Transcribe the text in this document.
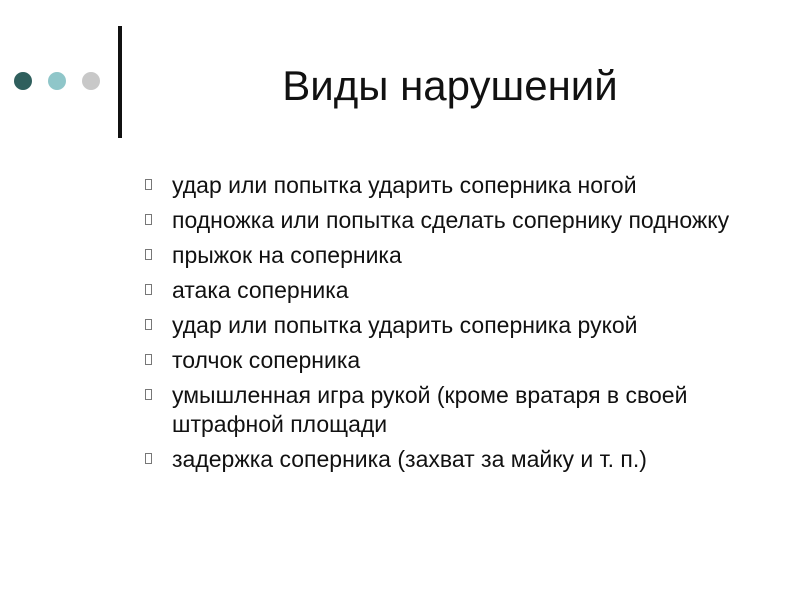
Виды нарушений
удар или попытка ударить соперника ногой
подножка или попытка сделать сопернику подножку
прыжок на соперника
атака соперника
удар или попытка ударить соперника рукой
толчок соперника
умышленная игра рукой (кроме вратаря в своей штрафной площади
задержка соперника (захват за майку и т. п.)
